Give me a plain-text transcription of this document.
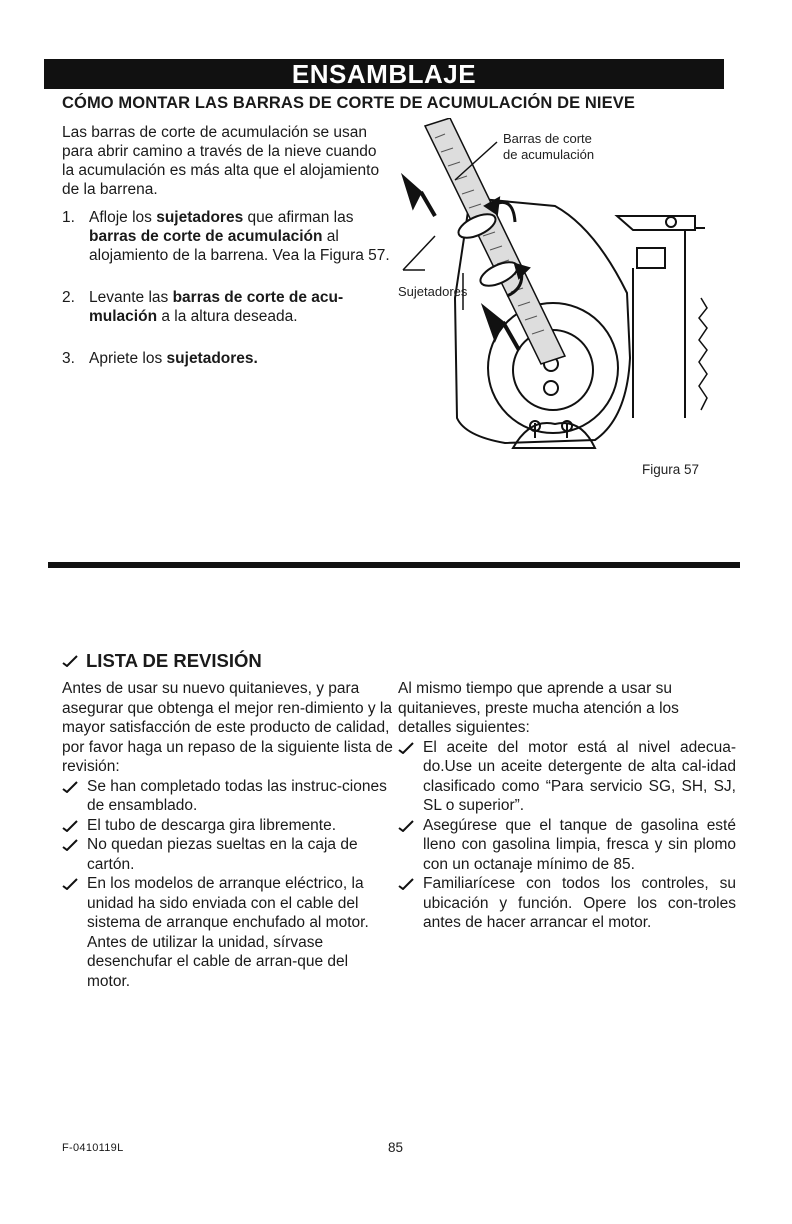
ENSAMBLAJE
CÓMO MONTAR LAS BARRAS DE CORTE DE ACUMULACIÓN DE NIEVE

Las barras de corte de acumulación se usan para abrir camino a través de la nieve cuando la acumulación es más alta que el alojamiento de la barrena.

1. Afloje los sujetadores que afirman las barras de corte de acumulación al alojamiento de la barrena. Vea la Figura 57.
2. Levante las barras de corte de acu-mulación a la altura deseada.
3. Apriete los sujetadores.
Barras de corte
de acumulación
Sujetadores
Figura 57
LISTA DE REVISIÓN

Antes de usar su nuevo quitanieves, y para asegurar que obtenga el mejor ren-dimiento y la mayor satisfacción de este producto de calidad, por favor haga un repaso de la siguiente lista de revisión:

Se han completado todas las instruc-ciones de ensamblado.
El tubo de descarga gira libremente.
No quedan piezas sueltas en la caja de cartón.
En los modelos de arranque eléctrico, la unidad ha sido enviada con el cable del sistema de arranque enchufado al motor. Antes de utilizar la unidad, sírvase desenchufar el cable de arran-que del motor.

Al mismo tiempo que aprende a usar su quitanieves, preste mucha atención a los detalles siguientes:

El aceite del motor está al nivel adecua-do.Use un aceite detergente de alta cal-idad clasificado como “Para servicio SG, SH, SJ, SL o superior”.
Asegúrese que el tanque de gasolina esté lleno con gasolina limpia, fresca y sin plomo con un octanaje mínimo de 85.
Familiarícese con todos los controles, su ubicación y función. Opere los con-troles antes de hacer arrancar el motor.
F-0410119L	85
